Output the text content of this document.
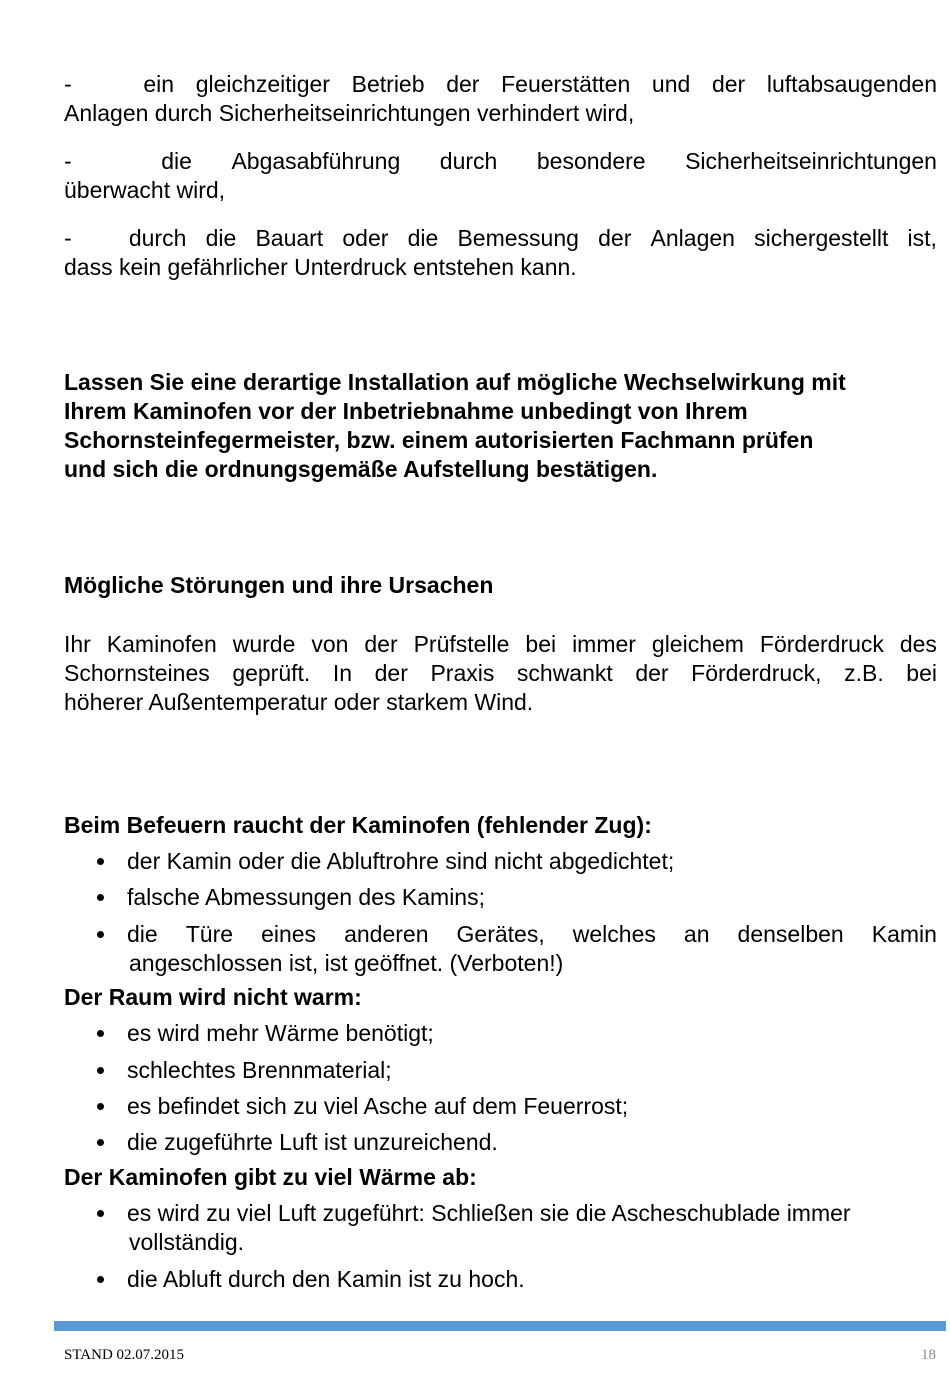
-	ein gleichzeitiger Betrieb der Feuerstätten und der luftabsaugenden
Anlagen durch Sicherheitseinrichtungen verhindert wird,
-	die Abgasabführung durch besondere Sicherheitseinrichtungen
überwacht wird,
- durch die Bauart oder die Bemessung der Anlagen sichergestellt ist,
dass kein gefährlicher Unterdruck entstehen kann.
Lassen Sie eine derartige Installation auf mögliche Wechselwirkung mit
Ihrem Kaminofen vor der Inbetriebnahme unbedingt von Ihrem
Schornsteinfegermeister, bzw. einem autorisierten Fachmann prüfen
und sich die ordnungsgemäße Aufstellung bestätigen.
Mögliche Störungen und ihre Ursachen
Ihr Kaminofen wurde von der Prüfstelle bei immer gleichem Förderdruck des
Schornsteines geprüft. In der Praxis schwankt der Förderdruck, z.B. bei
höherer Außentemperatur oder starkem Wind.
Beim Befeuern raucht der Kaminofen (fehlender Zug):
der Kamin oder die Abluftrohre sind nicht abgedichtet;
falsche Abmessungen des Kamins;
die Türe eines anderen Gerätes, welches an denselben Kamin
angeschlossen ist, ist geöffnet. (Verboten!)
Der Raum wird nicht warm:
es wird mehr Wärme benötigt;
schlechtes Brennmaterial;
es befindet sich zu viel Asche auf dem Feuerrost;
die zugeführte Luft ist unzureichend.
Der Kaminofen gibt zu viel Wärme ab:
es wird zu viel Luft zugeführt: Schließen sie die Ascheschublade immer
vollständig.
die Abluft durch den Kamin ist zu hoch.
STAND 02.07.2015	18
